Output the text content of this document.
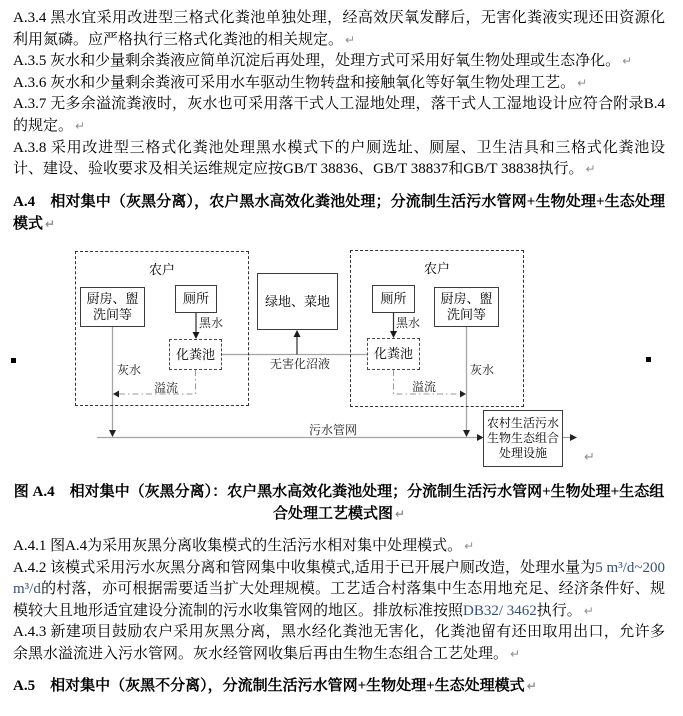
A.3.4 黑水宜采用改进型三格式化粪池单独处理，经高效厌氧发酵后，无害化粪液实现还田资源化利用氮磷。应严格执行三格式化粪池的相关规定。 ↵

A.3.5 灰水和少量剩余粪液应简单沉淀后再处理，处理方式可采用好氧生物处理或生态净化。 ↵

A.3.6 灰水和少量剩余粪液可采用水车驱动生物转盘和接触氧化等好氧生物处理工艺。 ↵

A.3.7 无多余溢流粪液时，灰水也可采用落干式人工湿地处理，落干式人工湿地设计应符合附录B.4的规定。 ↵

A.3.8 采用改进型三格式化粪池处理黑水模式下的户厕选址、厕屋、卫生洁具和三格式化粪池设计、建设、验收要求及相关运维规定应按GB/T 38836、GB/T 38837和GB/T 38838执行。 ↵

A.4　相对集中（灰黑分离），农户黑水高效化粪池处理；分流制生活污水管网+生物处理+生态处理模式 ↵

农户
厨房、盥洗间等
厕所
化粪池
黑水
灰水
溢流
绿地、菜地
无害化沼液
农户
厕所	厨房、盥洗间等
化粪池
黑水
灰水
溢流
污水管网	农村生活污水生物生态组合处理设施	↵

图 A.4　相对集中（灰黑分离）：农户黑水高效化粪池处理；分流制生活污水管网+生物处理+生态组合处理工艺模式图 ↵

A.4.1 图A.4为采用灰黑分离收集模式的生活污水相对集中处理模式。 ↵

A.4.2 该模式采用污水灰黑分离和管网集中收集模式,适用于已开展户厕改造，处理水量为5 m³/d~200 m³/d的村落，亦可根据需要适当扩大处理规模。工艺适合村落集中生态用地充足、经济条件好、规模较大且地形适宜建设分流制的污水收集管网的地区。排放标准按照DB32/ 3462执行。 ↵

A.4.3 新建项目鼓励农户采用灰黑分离，黑水经化粪池无害化，化粪池留有还田取用出口，允许多余黑水溢流进入污水管网。灰水经管网收集后再由生物生态组合工艺处理。 ↵

A.5　相对集中（灰黑不分离），分流制生活污水管网+生物处理+生态处理模式 ↵
